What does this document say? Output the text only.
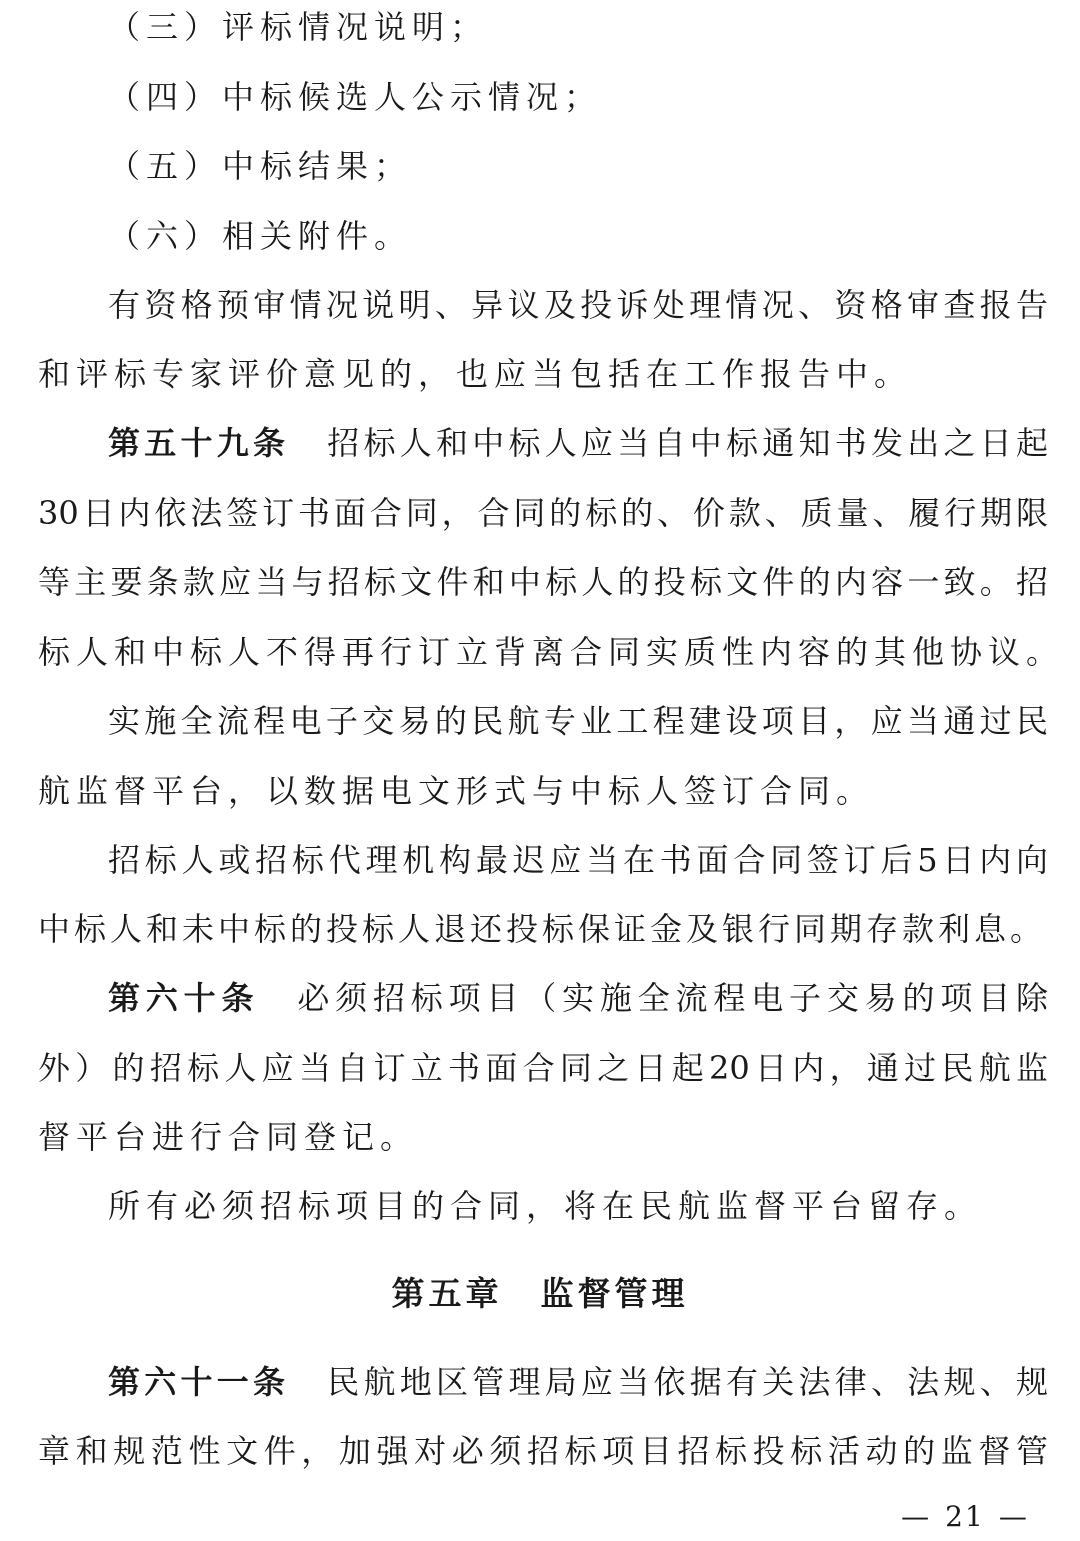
（三）评标情况说明；
（四）中标候选人公示情况；
（五）中标结果；
（六）相关附件。
有资格预审情况说明、异议及投诉处理情况、资格审查报告
和评标专家评价意见的，也应当包括在工作报告中。
第五十九条 招标人和中标人应当自中标通知书发出之日起
30日内依法签订书面合同，合同的标的、价款、质量、履行期限
等主要条款应当与招标文件和中标人的投标文件的内容一致。招
标人和中标人不得再行订立背离合同实质性内容的其他协议。
实施全流程电子交易的民航专业工程建设项目，应当通过民
航监督平台，以数据电文形式与中标人签订合同。
招标人或招标代理机构最迟应当在书面合同签订后5日内向
中标人和未中标的投标人退还投标保证金及银行同期存款利息。
第六十条 必须招标项目（实施全流程电子交易的项目除
外）的招标人应当自订立书面合同之日起20日内，通过民航监
督平台进行合同登记。
所有必须招标项目的合同，将在民航监督平台留存。
第五章 监督管理
第六十一条 民航地区管理局应当依据有关法律、法规、规
章和规范性文件，加强对必须招标项目招标投标活动的监督管
— 21 —
